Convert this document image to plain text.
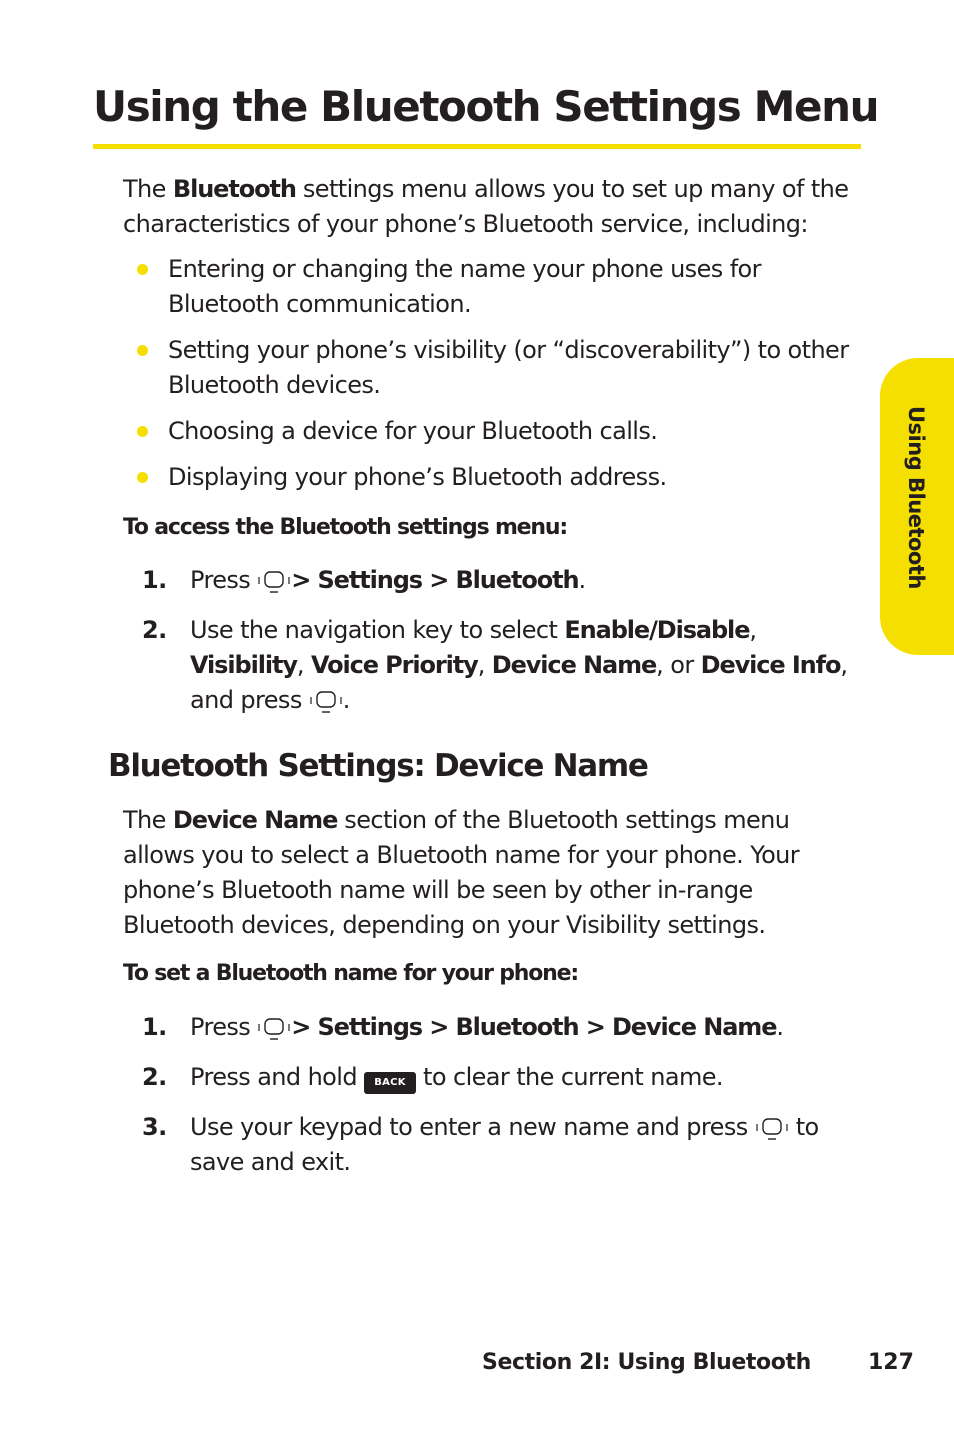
Using the Bluetooth Settings Menu

The Bluetooth settings menu allows you to set up many of the characteristics of your phone’s Bluetooth service, including:

Entering or changing the name your phone uses for Bluetooth communication.
Setting your phone’s visibility (or “discoverability”) to other Bluetooth devices.
Choosing a device for your Bluetooth calls.
Displaying your phone’s Bluetooth address.

To access the Bluetooth settings menu:

1. Press
> Settings > Bluetooth.
2. Use the navigation key to select Enable/Disable, Visibility, Voice Priority, Device Name, or Device Info, and press
.
Bluetooth Settings: Device Name

The Device Name section of the Bluetooth settings menu allows you to select a Bluetooth name for your phone. Your phone’s Bluetooth name will be seen by other in-range Bluetooth devices, depending on your Visibility settings.

To set a Bluetooth name for your phone:

1. Press
> Settings > Bluetooth > Device Name.
2. Press and hold BACK to clear the current name.
3. Use your keypad to enter a new name and press
to save and exit.
Using Bluetooth
Section 2I: Using Bluetooth	127
